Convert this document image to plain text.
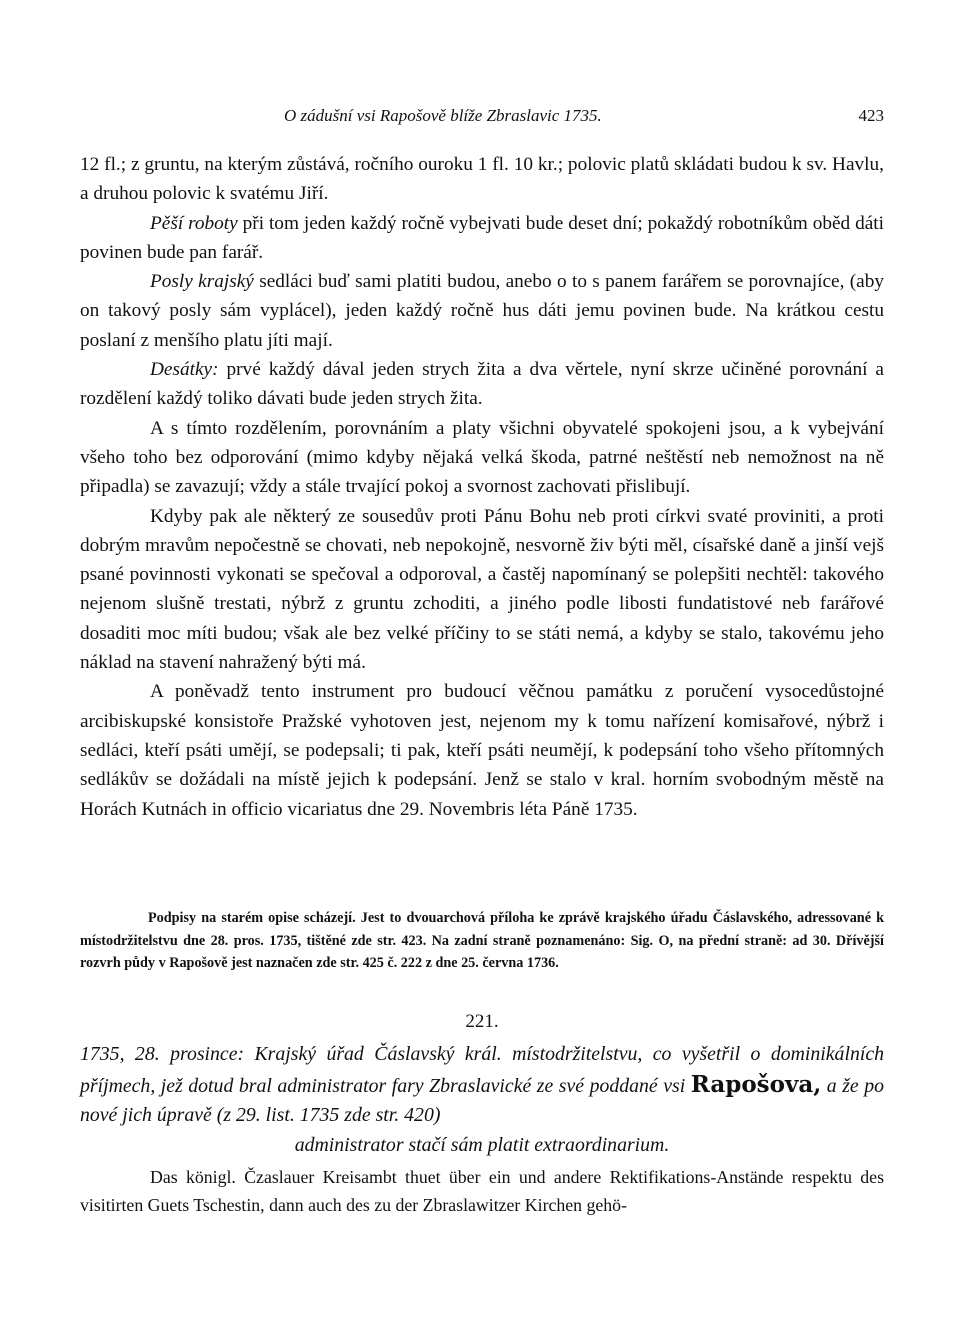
O zádušní vsi Rapošově blíže Zbraslavic 1735.	423

12 fl.; z gruntu, na kterým zůstává, ročního ouroku 1 fl. 10 kr.; polovic platů skládati budou k sv. Havlu, a druhou polovic k svatému Jiří.

Pěší roboty při tom jeden každý ročně vybejvati bude deset dní; pokaždý robotníkům oběd dáti povinen bude pan farář.

Posly krajský sedláci buď sami platiti budou, anebo o to s panem farářem se porovnajíce, (aby on takový posly sám vyplácel), jeden každý ročně hus dáti jemu povinen bude. Na krátkou cestu poslaní z menšího platu jíti mají.

Desátky: prvé každý dával jeden strych žita a dva věrtele, nyní skrze učiněné porovnání a rozdělení každý toliko dávati bude jeden strych žita.

A s tímto rozdělením, porovnáním a platy všichni obyvatelé spokojeni jsou, a k vybejvání všeho toho bez odporování (mimo kdyby nějaká velká škoda, patrné neštěstí neb nemožnost na ně připadla) se zavazují; vždy a stále trvající pokoj a svornost zachovati přislibují.

Kdyby pak ale některý ze sousedův proti Pánu Bohu neb proti církvi svaté proviniti, a proti dobrým mravům nepočestně se chovati, neb nepokojně, nesvorně živ býti měl, císařské daně a jinší vejš psané povinnosti vykonati se spečoval a odporoval, a častěj napomínaný se polepšiti nechtěl: takového nejenom slušně trestati, nýbrž z gruntu zchoditi, a jiného podle libosti fundatistové neb farářové dosaditi moc míti budou; však ale bez velké příčiny to se státi nemá, a kdyby se stalo, takovému jeho náklad na stavení nahražený býti má.

A poněvadž tento instrument pro budoucí věčnou památku z poručení vysocedůstojné arcibiskupské konsistoře Pražské vyhotoven jest, nejenom my k tomu nařízení komisařové, nýbrž i sedláci, kteří psáti umějí, se podepsali; ti pak, kteří psáti neumějí, k podepsání toho všeho přítomných sedlákův se dožádali na místě jejich k podepsání. Jenž se stalo v kral. horním svobodným městě na Horách Kutnách in officio vicariatus dne 29. Novembris léta Páně 1735.

Podpisy na starém opise scházejí. Jest to dvouarchová příloha ke zprávě krajského úřadu Čáslavského, adressované k místodržitelstvu dne 28. pros. 1735, tištěné zde str. 423. Na zadní straně poznamenáno: Sig. O, na přední straně: ad 30. Dřívější rozvrh půdy v Rapošově jest naznačen zde str. 425 č. 222 z dne 25. června 1736.

221.

1735, 28. prosince: Krajský úřad Čáslavský král. místodržitelstvu, co vyšetřil o dominikálních příjmech, jež dotud bral administrator fary Zbraslavické ze své poddané vsi Rapošova, a že po nové jich úpravě (z 29. list. 1735 zde str. 420)

administrator stačí sám platit extraordinarium.

Das königl. Čzaslauer Kreisambt thuet über ein und andere Rektifikations-Anstände respektu des visitirten Guets Tschestin, dann auch des zu der Zbraslawitzer Kirchen gehö-
